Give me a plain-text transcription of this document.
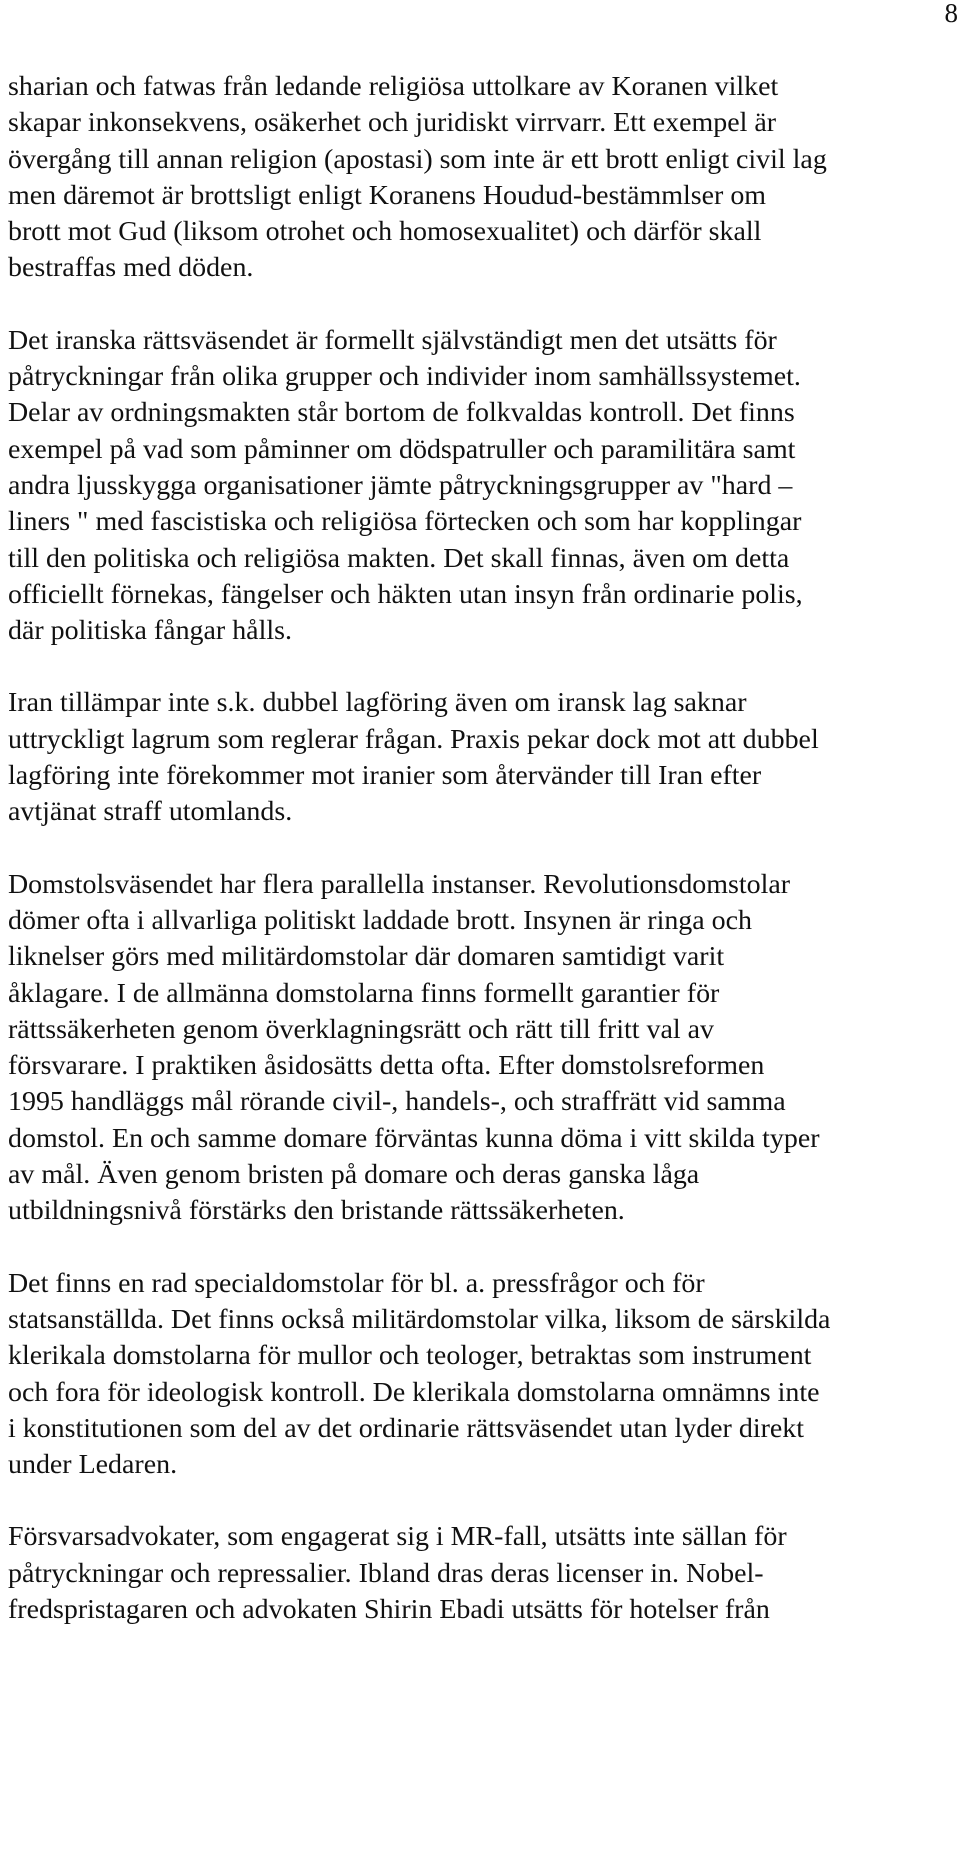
8

sharian och fatwas från ledande religiösa uttolkare av Koranen vilket
skapar inkonsekvens, osäkerhet och juridiskt virrvarr. Ett exempel är
övergång till annan religion (apostasi) som inte är ett brott enligt civil lag
men däremot är brottsligt enligt Koranens Houdud-bestämmlser om
brott mot Gud (liksom otrohet och homosexualitet) och därför skall
bestraffas med döden.

Det iranska rättsväsendet är formellt självständigt men det utsätts för
påtryckningar från olika grupper och individer inom samhällssystemet.
Delar av ordningsmakten står bortom de folkvaldas kontroll. Det finns
exempel på vad som påminner om dödspatruller och paramilitära samt
andra ljusskygga organisationer jämte påtryckningsgrupper av "hard –
liners " med fascistiska och religiösa förtecken och som har kopplingar
till den politiska och religiösa makten. Det skall finnas, även om detta
officiellt förnekas, fängelser och häkten utan insyn från ordinarie polis,
där politiska fångar hålls.

Iran tillämpar inte s.k. dubbel lagföring även om iransk lag saknar
uttryckligt lagrum som reglerar frågan. Praxis pekar dock mot att dubbel
lagföring inte förekommer mot iranier som återvänder till Iran efter
avtjänat straff utomlands.

Domstolsväsendet har flera parallella instanser. Revolutionsdomstolar
dömer ofta i allvarliga politiskt laddade brott. Insynen är ringa och
liknelser görs med militärdomstolar där domaren samtidigt varit
åklagare. I de allmänna domstolarna finns formellt garantier för
rättssäkerheten genom överklagningsrätt och rätt till fritt val av
försvarare. I praktiken åsidosätts detta ofta. Efter domstolsreformen
1995 handläggs mål rörande civil-, handels-, och straffrätt vid samma
domstol. En och samme domare förväntas kunna döma i vitt skilda typer
av mål. Även genom bristen på domare och deras ganska låga
utbildningsnivå förstärks den bristande rättssäkerheten.

Det finns en rad specialdomstolar för bl. a. pressfrågor och för
statsanställda. Det finns också militärdomstolar vilka, liksom de särskilda
klerikala domstolarna för mullor och teologer, betraktas som instrument
och fora för ideologisk kontroll. De klerikala domstolarna omnämns inte
i konstitutionen som del av det ordinarie rättsväsendet utan lyder direkt
under Ledaren.

Försvarsadvokater, som engagerat sig i MR-fall, utsätts inte sällan för
påtryckningar och repressalier. Ibland dras deras licenser in. Nobel-
fredspristagaren och advokaten Shirin Ebadi utsätts för hotelser från
